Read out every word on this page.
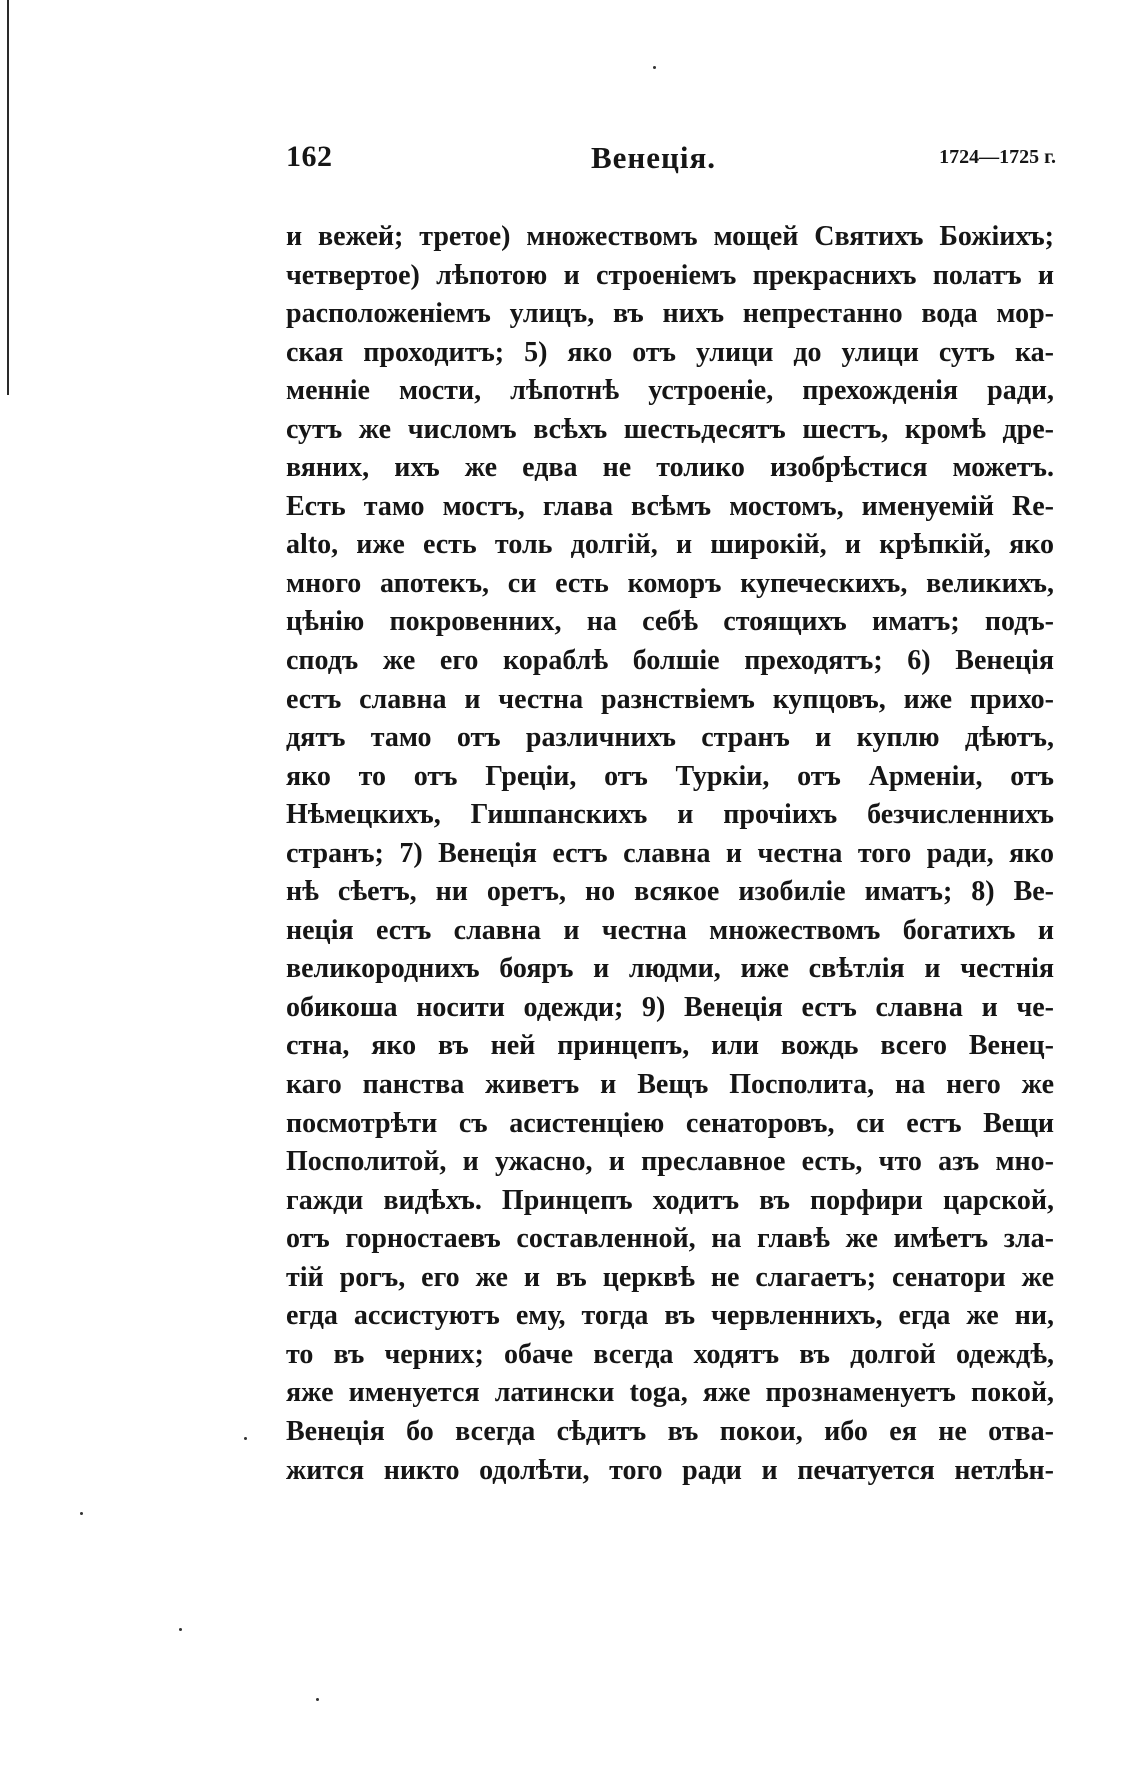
162	Венеція.	1724—1725 г.
и вежей; третое) множествомъ мощей Святихъ Божіихъ;
четвертое) лѣпотою и строеніемъ прекраснихъ полатъ и
расположеніемъ улицъ, въ нихъ непрестанно вода мор-
ская проходитъ; 5) яко отъ улици до улици сутъ ка-
менніе мости, лѣпотнѣ устроеніе, прехожденія ради,
сутъ же числомъ всѣхъ шестьдесятъ шестъ, кромѣ дре-
вяних, ихъ же едва не толико изобрѣстися можетъ.
Есть тамо мостъ, глава всѣмъ мостомъ, именуемій Re-
alto, иже есть толь долгій, и широкій, и крѣпкій, яко
много апотекъ, си есть коморъ купеческихъ, великихъ,
цѣнію покровенних, на себѣ стоящихъ иматъ; подъ-
сподъ же его кораблѣ болшіе преходятъ; 6) Венеція
естъ славна и честна разнствіемъ купцовъ, иже прихо-
дятъ тамо отъ различнихъ странъ и куплю дѣютъ,
яко то отъ Греціи, отъ Туркіи, отъ Арменіи, отъ
Нѣмецкихъ, Гишпанскихъ и прочіихъ безчисленнихъ
странъ; 7) Венеція естъ славна и честна того ради, яко
нѣ сѣетъ, ни оретъ, но всякое изобиліе иматъ; 8) Ве-
неція естъ славна и честна множествомъ богатихъ и
великороднихъ бояръ и людми, иже свѣтлія и честнія
обикоша носити одежди; 9) Венеція естъ славна и че-
стна, яко въ ней принцепъ, или вождь всего Венец-
каго панства живетъ и Вещъ Посполита, на него же
посмотрѣти съ асистенціею сенаторовъ, си естъ Вещи
Посполитой, и ужасно, и преславное есть, что азъ мно-
гажди видѣхъ. Принцепъ ходитъ въ порфири царской,
отъ горностаевъ составленной, на главѣ же имѣетъ зла-
тій рогъ, его же и въ церквѣ не слагаетъ; сенатори же
егда ассистуютъ ему, тогда въ червленнихъ, егда же ни,
то въ черних; обаче всегда ходятъ въ долгой одеждѣ,
яже именуется латински toga, яже прознаменуетъ покой,
Венеція бо всегда сѣдитъ въ покои, ибо ея не отва-
жится никто одолѣти, того ради и печатуется нетлѣн-
